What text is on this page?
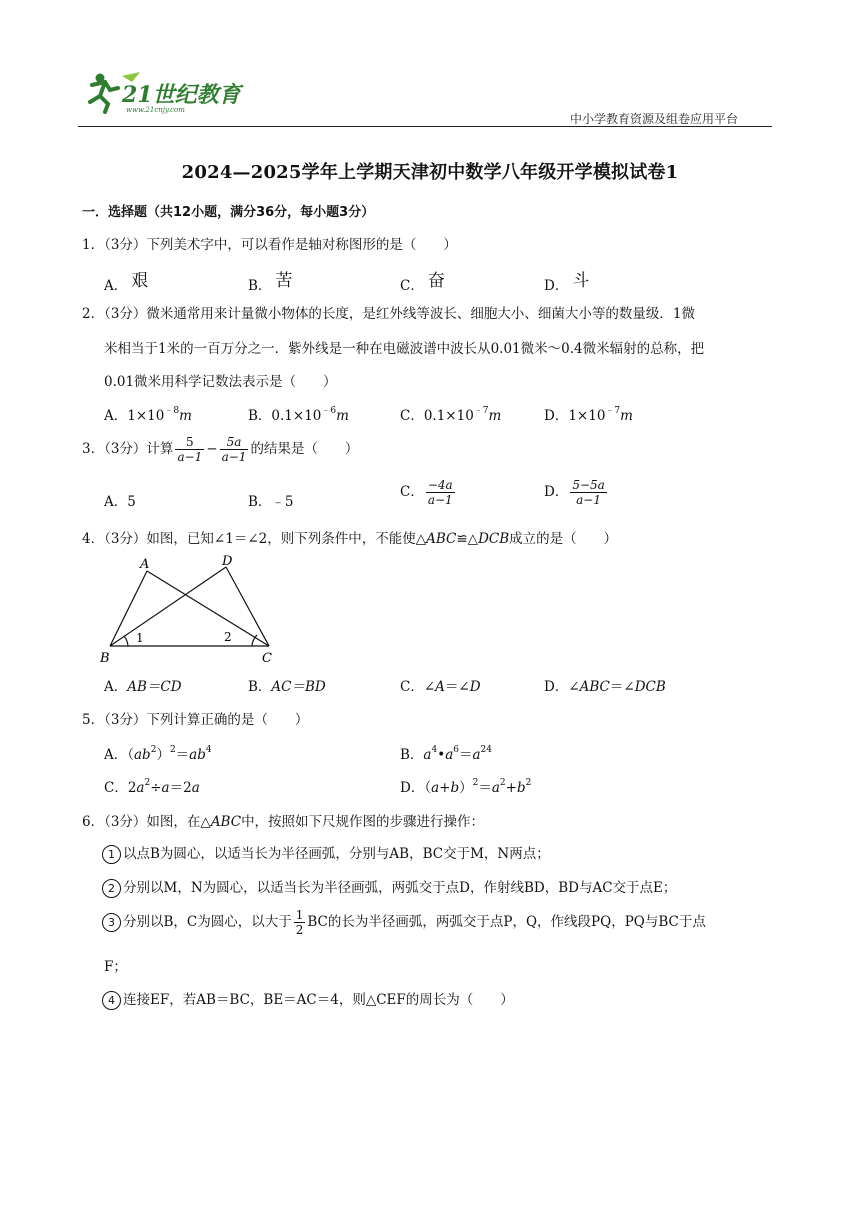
21世纪教育
www.21cnjy.com
中小学教育资源及组卷应用平台
2024—2025学年上学期天津初中数学八年级开学模拟试卷1
一．选择题（共12小题，满分36分，每小题3分）
1．（3分）下列美术字中，可以看作是轴对称图形的是（　　）
A． 艰	B． 苦	C． 奋	D． 斗
2．（3分）微米通常用来计量微小物体的长度，是红外线等波长、细胞大小、细菌大小等的数量级．1微
米相当于1米的一百万分之一．紫外线是一种在电磁波谱中波长从0.01微米～0.4微米辐射的总称，把
0.01微米用科学记数法表示是（　　）
A．$1\times 10^{﹣8}m$	B．$0.1\times 10^{﹣6}m$	C．$0.1\times 10^{﹣7}m$	D．$1\times 10^{﹣7}m$
3．（3分）计算 $\frac{5}{a-1} - \frac{5a}{a-1}$ 的结果是（　　）
A．5	B．﹣5
C． $\frac{-4a}{a-1}$	D． $\frac{5-5a}{a-1}$
4．（3分）如图，已知∠1＝∠2，则下列条件中，不能使△ABC≌△DCB成立的是（　　）
A	D
B	C
1	2
A．AB＝CD	B．AC＝BD	C．∠A＝∠D	D．∠ABC＝∠DCB
5．（3分）下列计算正确的是（　　）
A．$(ab^2)^2=ab^4$	B．$a^4•a^6=a^{24}$
C．$2a^2\div a=2a$	D．$(a+b)^2=a^2+b^2$
6．（3分）如图，在△ABC中，按照如下尺规作图的步骤进行操作：
1 以点B为圆心，以适当长为半径画弧，分别与AB，BC交于M，N两点；
2 分别以M，N为圆心，以适当长为半径画弧，两弧交于点D，作射线BD，BD与AC交于点E；
3 分别以B，C为圆心，以大于 $\frac{1}{2}$ BC的长为半径画弧，两弧交于点P，Q，作线段PQ，PQ与BC于点
F；
4 连接EF，若AB＝BC，BE＝AC＝4，则△CEF的周长为（　　）
